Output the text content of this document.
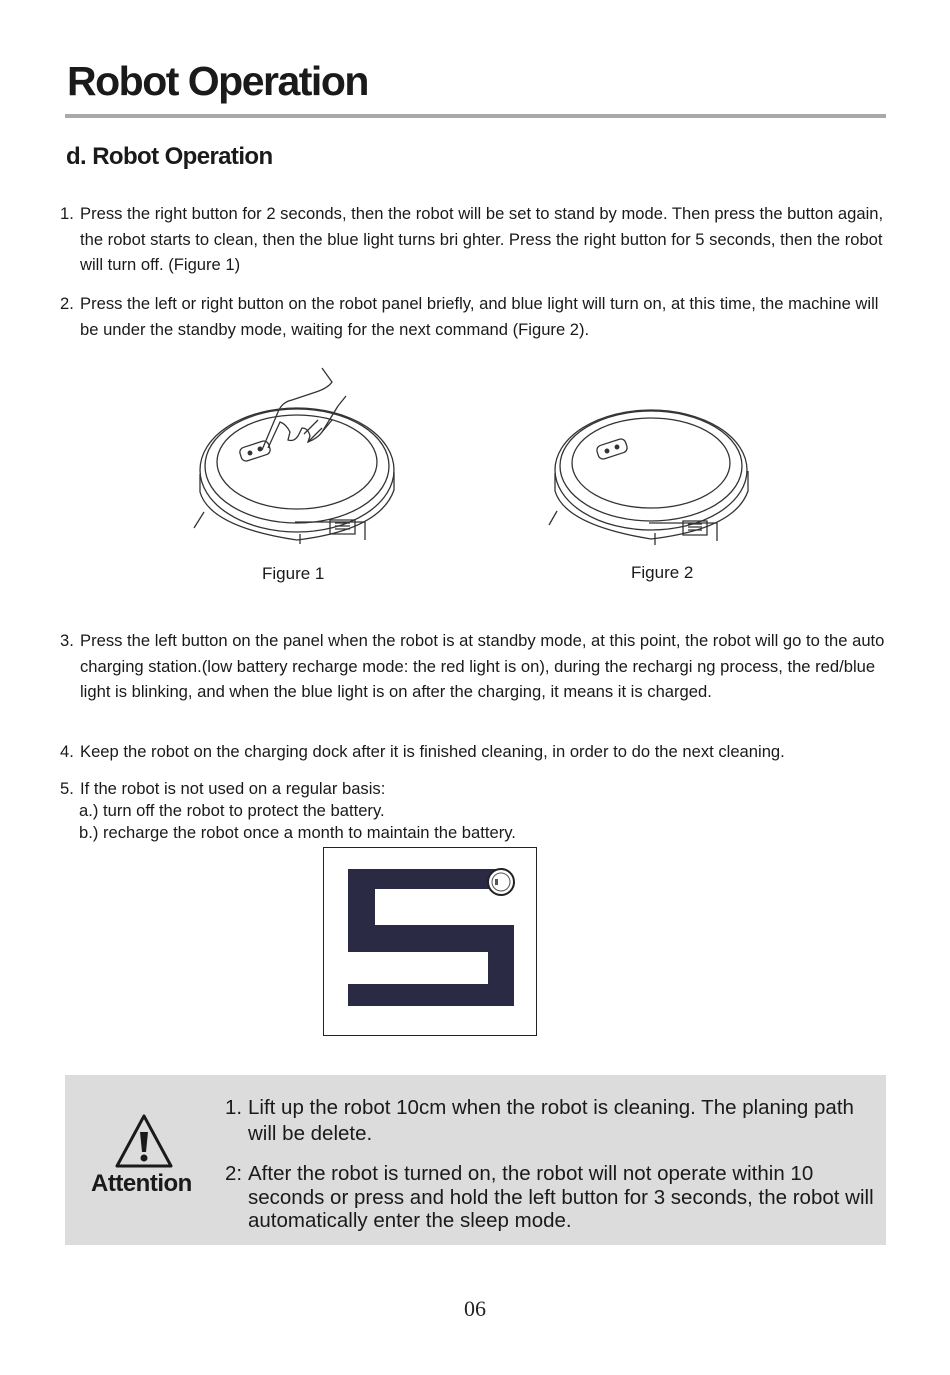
Robot Operation
d. Robot Operation
1. Press the right button for 2 seconds, then the robot will be set to stand by mode. Then press the button again, the robot starts to clean, then the blue light turns bri ghter. Press the right button for 5 seconds, then the robot will turn off. (Figure 1)
2. Press the left or right button on the robot panel briefly, and blue light will turn on, at this time, the machine will be under the standby mode, waiting for the next command (Figure 2).
Figure 1	Figure 2
3. Press the left button on the panel when the robot is at standby mode, at this point, the robot will go to the auto charging station.(low battery recharge mode: the red light is on), during the rechargi ng process, the red/blue light is blinking, and when the blue light is on after the charging, it means it is charged.
4. Keep the robot on the charging dock after it is finished cleaning, in order to do the next cleaning.
5. If the robot is not used on a regular basis:
a.) turn off the robot to protect the battery.
b.) recharge the robot once a month to maintain the battery.
Attention
1. Lift up the robot 10cm when the robot is cleaning. The planing path will be delete.
2: After the robot is turned on, the robot will not operate within 10 seconds or press and hold the left button for 3 seconds, the robot will automatically enter the sleep mode.
06
